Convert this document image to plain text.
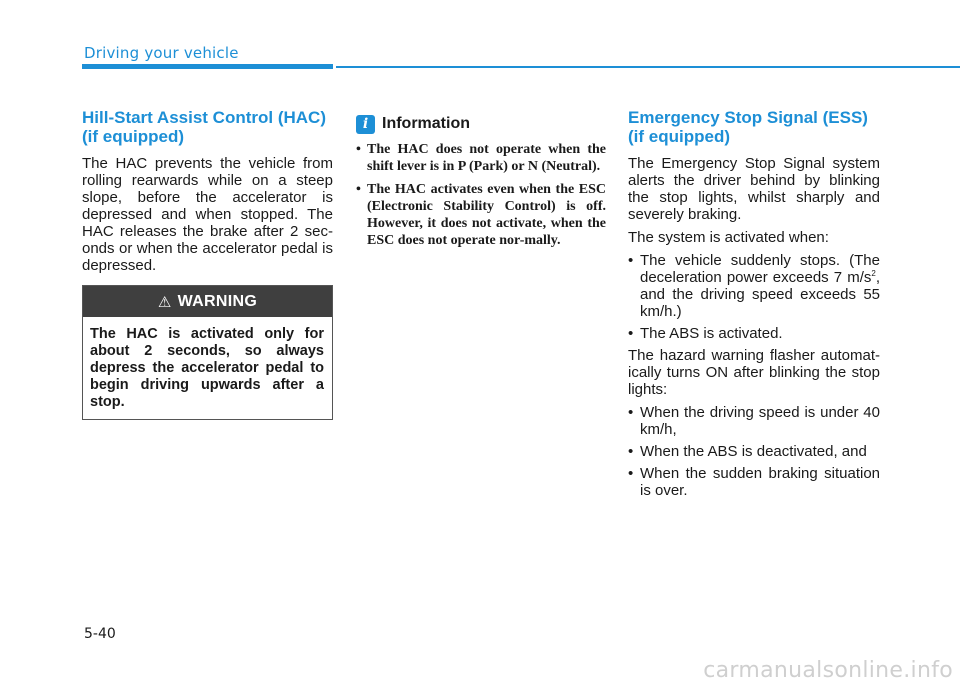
Driving your vehicle
Hill-Start Assist Control (HAC)
(if equipped)

The HAC prevents the vehicle from rolling rearwards while on a steep slope, before the accelerator is depressed and when stopped. The HAC releases the brake after 2 sec-onds or when the accelerator pedal is depressed.

⚠ WARNING
The HAC is activated only for about 2 seconds, so always depress the accelerator pedal to begin driving upwards after a stop.
i Information
• The HAC does not operate when the shift lever is in P (Park) or N (Neutral).
• The HAC activates even when the ESC (Electronic Stability Control) is off. However, it does not activate, when the ESC does not operate nor-mally.
Emergency Stop Signal (ESS)
(if equipped)

The Emergency Stop Signal system alerts the driver behind by blinking the stop lights, whilst sharply and severely braking.

The system is activated when:

• The vehicle suddenly stops. (The deceleration power exceeds 7 $m/s^2$, and the driving speed exceeds 55 km/h.)
• The ABS is activated.

The hazard warning flasher automat-ically turns ON after blinking the stop lights:

• When the driving speed is under 40 km/h,
• When the ABS is deactivated, and
• When the sudden braking situation is over.
5-40
carmanualsonline.info
